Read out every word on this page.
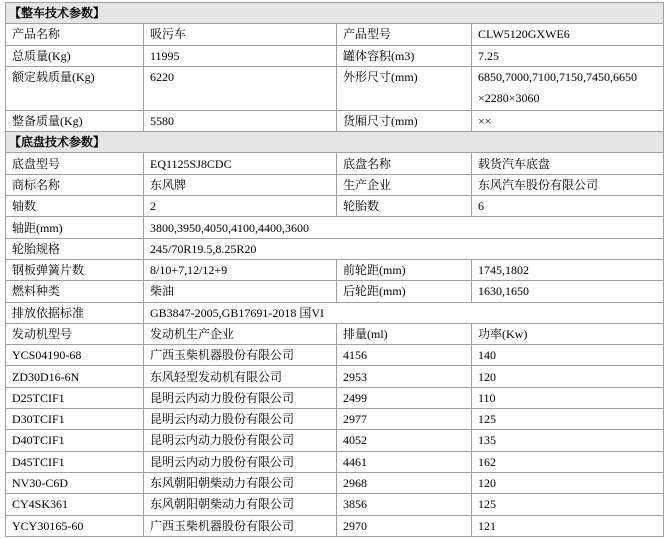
【整车技术参数】			
产品名称	吸污车	产品型号	CLW5120GXWE6
总质量(Kg)	11995	罐体容积(m3)	7.25
额定载质量(Kg)	6220	外形尺寸(mm)	6850,7000,7100,7150,7450,6650
×2280×3060

整备质量(Kg)	5580	货厢尺寸(mm)	××
【底盘技术参数】			
底盘型号	EQ1125SJ8CDC	底盘名称	载货汽车底盘
商标名称	东风牌	生产企业	东风汽车股份有限公司
轴数	2	轮胎数	6
轴距(mm)	3800,3950,4050,4100,4400,3600		
轮胎规格	245/70R19.5,8.25R20		
钢板弹簧片数	8/10+7,12/12+9	前轮距(mm)	1745,1802
燃料种类	柴油	后轮距(mm)	1630,1650
排放依据标准	GB3847-2005,GB17691-2018 国VI		
发动机型号	发动机生产企业	排量(ml)	功率(Kw)
YCS04190-68	广西玉柴机器股份有限公司	4156	140
ZD30D16-6N	东风轻型发动机有限公司	2953	120
D25TCIF1	昆明云内动力股份有限公司	2499	110
D30TCIF1	昆明云内动力股份有限公司	2977	125
D40TCIF1	昆明云内动力股份有限公司	4052	135
D45TCIF1	昆明云内动力股份有限公司	4461	162
NV30-C6D	东风朝阳朝柴动力有限公司	2968	120
CY4SK361	东风朝阳朝柴动力有限公司	3856	125
YCY30165-60	广西玉柴机器股份有限公司	2970	121
